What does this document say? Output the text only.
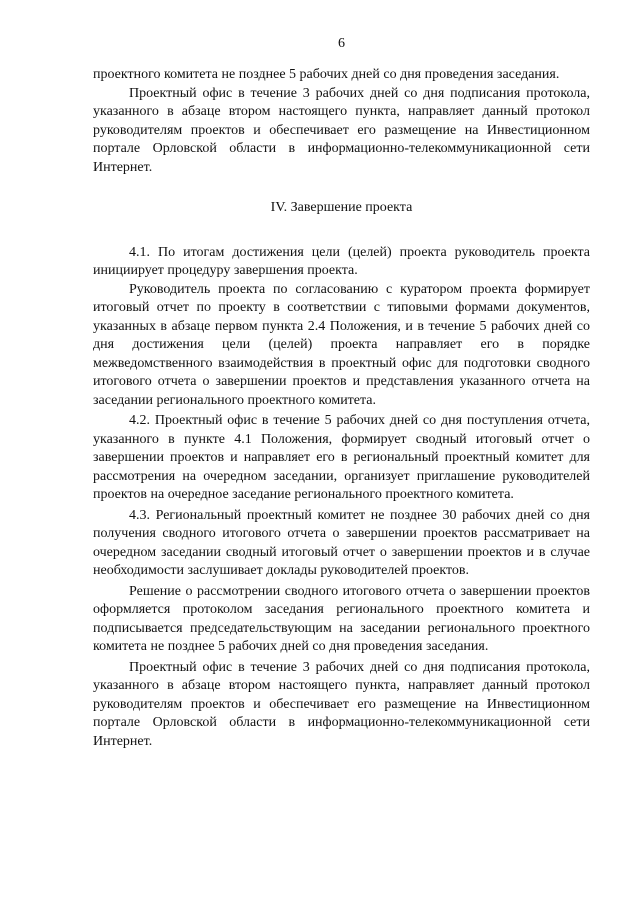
6

проектного комитета не позднее 5 рабочих дней со дня проведения заседания.

Проектный офис в течение 3 рабочих дней со дня подписания протокола, указанного в абзаце втором настоящего пункта, направляет данный протокол руководителям проектов и обеспечивает его размещение на Инвестиционном портале Орловской области в информационно-телекоммуникационной сети Интернет.

IV. Завершение проекта

4.1. По итогам достижения цели (целей) проекта руководитель проекта инициирует процедуру завершения проекта.

Руководитель проекта по согласованию с куратором проекта формирует итоговый отчет по проекту в соответствии с типовыми формами документов, указанных в абзаце первом пункта 2.4 Положения, и в течение 5 рабочих дней со дня достижения цели (целей) проекта направляет его в порядке межведомственного взаимодействия в проектный офис для подготовки сводного итогового отчета о завершении проектов и представления указанного отчета на заседании регионального проектного комитета.

4.2. Проектный офис в течение 5 рабочих дней со дня поступления отчета, указанного в пункте 4.1 Положения, формирует сводный итоговый отчет о завершении проектов и направляет его в региональный проектный комитет для рассмотрения на очередном заседании, организует приглашение руководителей проектов на очередное заседание регионального проектного комитета.

4.3. Региональный проектный комитет не позднее 30 рабочих дней со дня получения сводного итогового отчета о завершении проектов рассматривает на очередном заседании сводный итоговый отчет о завершении проектов и в случае необходимости заслушивает доклады руководителей проектов.

Решение о рассмотрении сводного итогового отчета о завершении проектов оформляется протоколом заседания регионального проектного комитета и подписывается председательствующим на заседании регионального проектного комитета не позднее 5 рабочих дней со дня проведения заседания.

Проектный офис в течение 3 рабочих дней со дня подписания протокола, указанного в абзаце втором настоящего пункта, направляет данный протокол руководителям проектов и обеспечивает его размещение на Инвестиционном портале Орловской области в информационно-телекоммуникационной сети Интернет.
